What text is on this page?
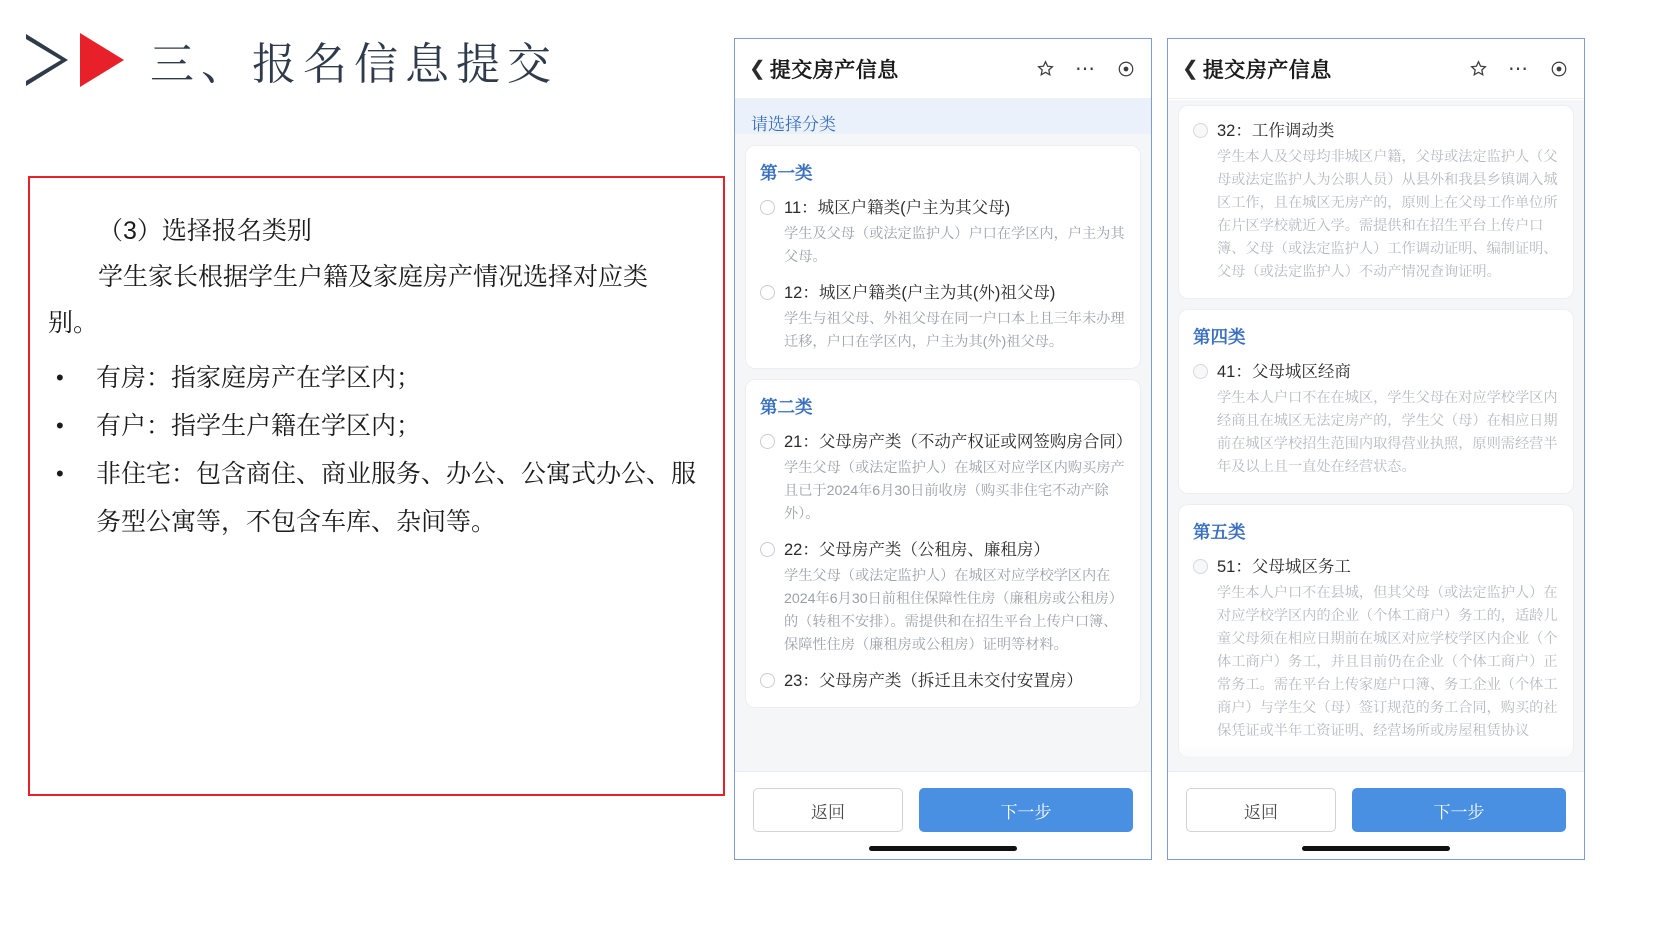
三、报名信息提交

（3）选择报名类别

学生家长根据学生户籍及家庭房产情况选择对应类别。

• 有房：指家庭房产在学区内；
• 有户：指学生户籍在学区内；
• 非住宅：包含商住、商业服务、办公、公寓式办公、服务型公寓等，不包含车库、杂间等。
❮ 提交房产信息	⋯
请选择分类
第一类
11：城区户籍类(户主为其父母)
学生及父母（或法定监护人）户口在学区内，户主为其父母。
12：城区户籍类(户主为其(外)祖父母)
学生与祖父母、外祖父母在同一户口本上且三年未办理迁移，户口在学区内，户主为其(外)祖父母。
第二类
21：父母房产类（不动产权证或网签购房合同）
学生父母（或法定监护人）在城区对应学区内购买房产且已于2024年6月30日前收房（购买非住宅不动产除外）。
22：父母房产类（公租房、廉租房）
学生父母（或法定监护人）在城区对应学校学区内在2024年6月30日前租住保障性住房（廉租房或公租房）的（转租不安排）。需提供和在招生平台上传户口簿、保障性住房（廉租房或公租房）证明等材料。
23：父母房产类（拆迁且未交付安置房）
返回	下一步
❮ 提交房产信息	⋯
32：工作调动类
学生本人及父母均非城区户籍，父母或法定监护人（父母或法定监护人为公职人员）从县外和我县乡镇调入城区工作，且在城区无房产的，原则上在父母工作单位所在片区学校就近入学。需提供和在招生平台上传户口簿、父母（或法定监护人）工作调动证明、编制证明、父母（或法定监护人）不动产情况查询证明。
第四类
41：父母城区经商
学生本人户口不在在城区，学生父母在对应学校学区内经商且在城区无法定房产的，学生父（母）在相应日期前在城区学校招生范围内取得营业执照，原则需经营半年及以上且一直处在经营状态。
第五类
51：父母城区务工
学生本人户口不在县城，但其父母（或法定监护人）在对应学校学区内的企业（个体工商户）务工的，适龄儿童父母须在相应日期前在城区对应学校学区内企业（个体工商户）务工，并且目前仍在企业（个体工商户）正常务工。需在平台上传家庭户口簿、务工企业（个体工商户）与学生父（母）签订规范的务工合同，购买的社保凭证或半年工资证明、经营场所或房屋租赁协议
返回	下一步
